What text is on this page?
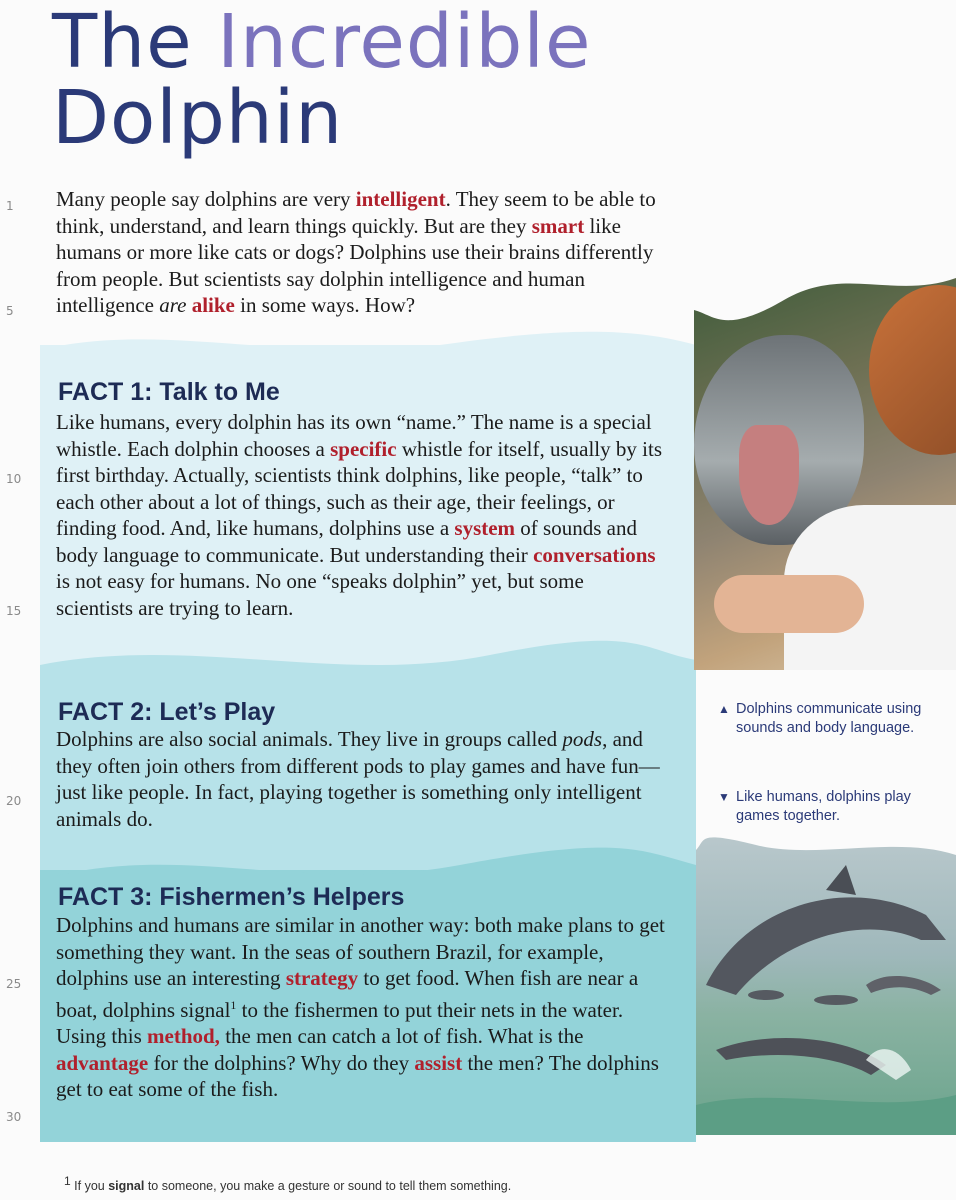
The Incredible
Dolphin
1
5
10
15
20
25
30

Many people say dolphins are very intelligent. They seem to be able to think, understand, and learn things quickly. But are they smart like humans or more like cats or dogs? Dolphins use their brains differently from people. But scientists say dolphin intelligence and human intelligence are alike in some ways. How?

FACT 1: Talk to Me

Like humans, every dolphin has its own “name.” The name is a special whistle. Each dolphin chooses a specific whistle for itself, usually by its first birthday. Actually, scientists think dolphins, like people, “talk” to each other about a lot of things, such as their age, their feelings, or finding food. And, like humans, dolphins use a system of sounds and body language to communicate. But understanding their conversations is not easy for humans. No one “speaks dolphin” yet, but some scientists are trying to learn.

FACT 2: Let’s Play

Dolphins are also social animals. They live in groups called pods, and they often join others from different pods to play games and have fun—just like people. In fact, playing together is something only intelligent animals do.

FACT 3: Fishermen’s Helpers

Dolphins and humans are similar in another way: both make plans to get something they want. In the seas of southern Brazil, for example, dolphins use an interesting strategy to get food. When fish are near a boat, dolphins signal$^1$ to the fishermen to put their nets in the water. Using this method, the men can catch a lot of fish. What is the advantage for the dolphins? Why do they assist the men? The dolphins get to eat some of the fish.

▲ Dolphins communicate using sounds and body language.

▼ Like humans, dolphins play games together.

$^1$ If you signal to someone, you make a gesture or sound to tell them something.
